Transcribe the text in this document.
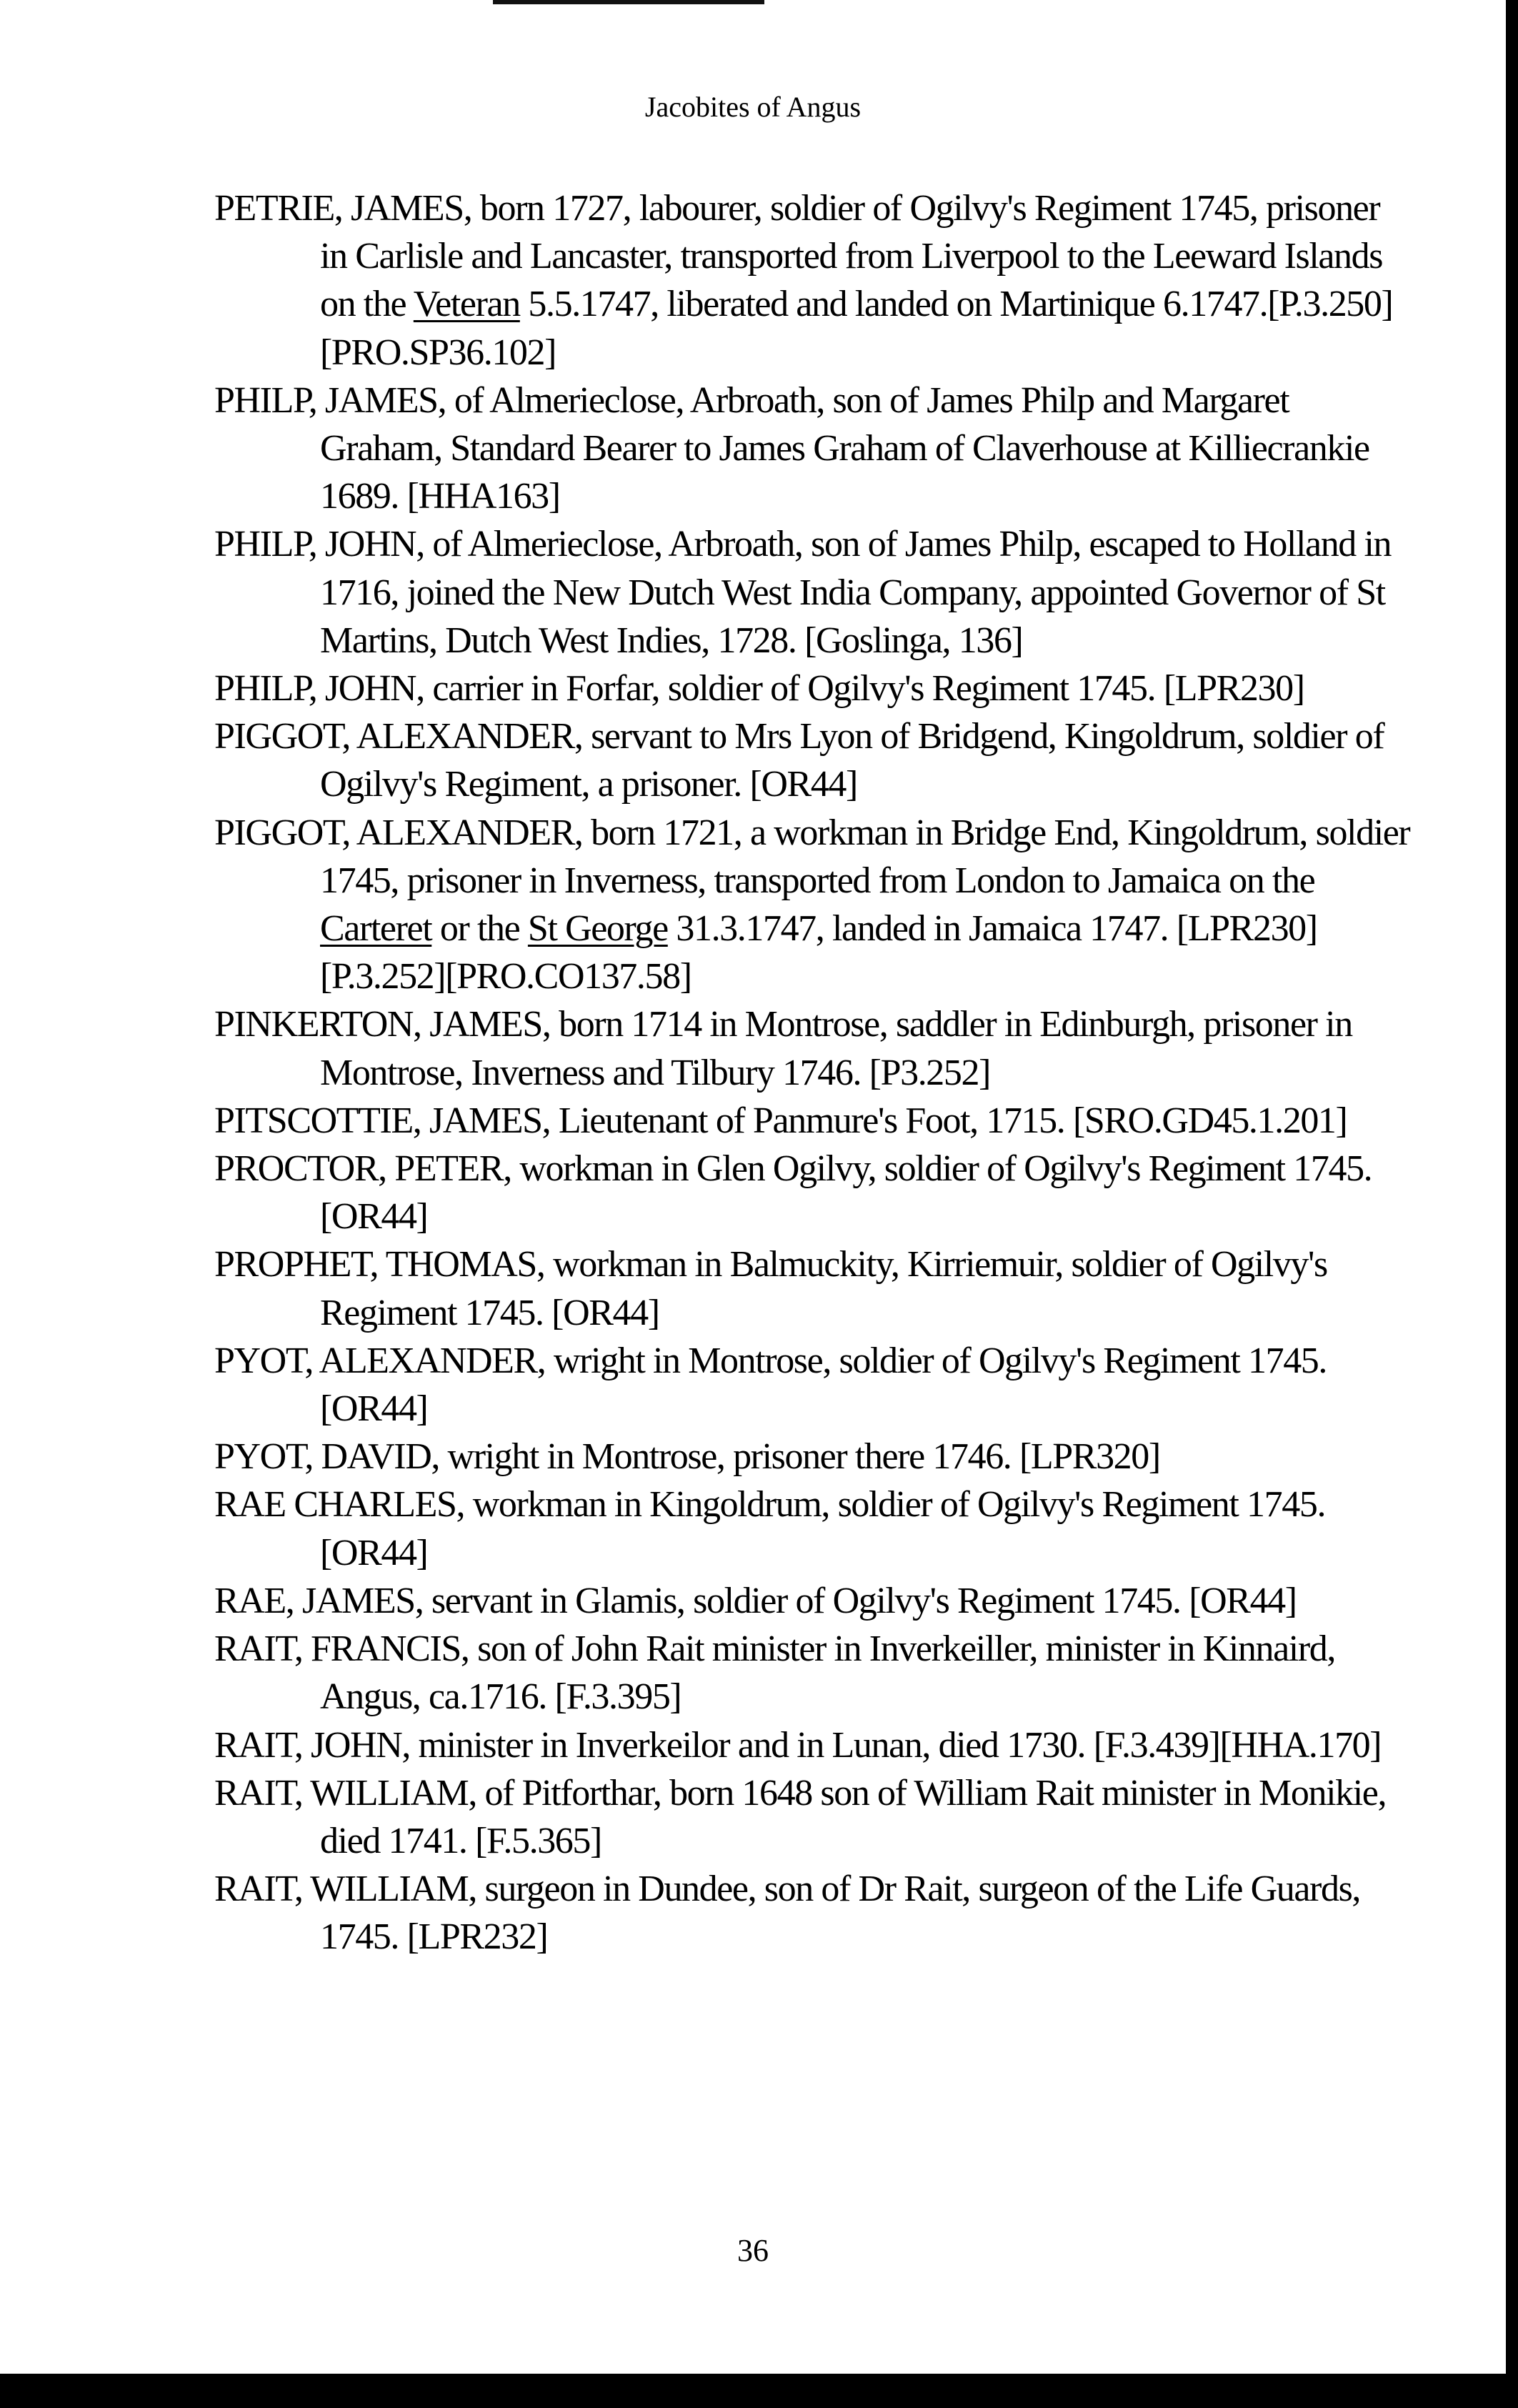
Jacobites of Angus
PETRIE, JAMES, born 1727, labourer, soldier of Ogilvy's Regiment 1745, prisoner in Carlisle and Lancaster, transported from Liverpool to the Leeward Islands on the Veteran 5.5.1747, liberated and landed on Martinique 6.1747.[P.3.250][PRO.SP36.102]
PHILP, JAMES, of Almerieclose, Arbroath, son of James Philp and Margaret Graham, Standard Bearer to James Graham of Claverhouse at Killiecrankie 1689. [HHA163]
PHILP, JOHN, of Almerieclose, Arbroath, son of James Philp, escaped to Holland in 1716, joined the New Dutch West India Company, appointed Governor of St Martins, Dutch West Indies, 1728. [Goslinga, 136]
PHILP, JOHN, carrier in Forfar, soldier of Ogilvy's Regiment 1745. [LPR230]
PIGGOT, ALEXANDER, servant to Mrs Lyon of Bridgend, Kingoldrum, soldier of Ogilvy's Regiment, a prisoner. [OR44]
PIGGOT, ALEXANDER, born 1721, a workman in Bridge End, Kingoldrum, soldier 1745, prisoner in Inverness, transported from London to Jamaica on the Carteret or the St George 31.3.1747, landed in Jamaica 1747. [LPR230][P.3.252][PRO.CO137.58]
PINKERTON, JAMES, born 1714 in Montrose, saddler in Edinburgh, prisoner in Montrose, Inverness and Tilbury 1746. [P3.252]
PITSCOTTIE, JAMES, Lieutenant of Panmure's Foot, 1715. [SRO.GD45.1.201]
PROCTOR, PETER, workman in Glen Ogilvy, soldier of Ogilvy's Regiment 1745. [OR44]
PROPHET, THOMAS, workman in Balmuckity, Kirriemuir, soldier of Ogilvy's Regiment 1745. [OR44]
PYOT, ALEXANDER, wright in Montrose, soldier of Ogilvy's Regiment 1745. [OR44]
PYOT, DAVID, wright in Montrose, prisoner there 1746. [LPR320]
RAE CHARLES, workman in Kingoldrum, soldier of Ogilvy's Regiment 1745.[OR44]
RAE, JAMES, servant in Glamis, soldier of Ogilvy's Regiment 1745. [OR44]
RAIT, FRANCIS, son of John Rait minister in Inverkeiller, minister in Kinnaird, Angus, ca.1716. [F.3.395]
RAIT, JOHN, minister in Inverkeilor and in Lunan, died 1730. [F.3.439][HHA.170]
RAIT, WILLIAM, of Pitforthar, born 1648 son of William Rait minister in Monikie, died 1741. [F.5.365]
RAIT, WILLIAM, surgeon in Dundee, son of Dr Rait, surgeon of the Life Guards, 1745. [LPR232]
36
